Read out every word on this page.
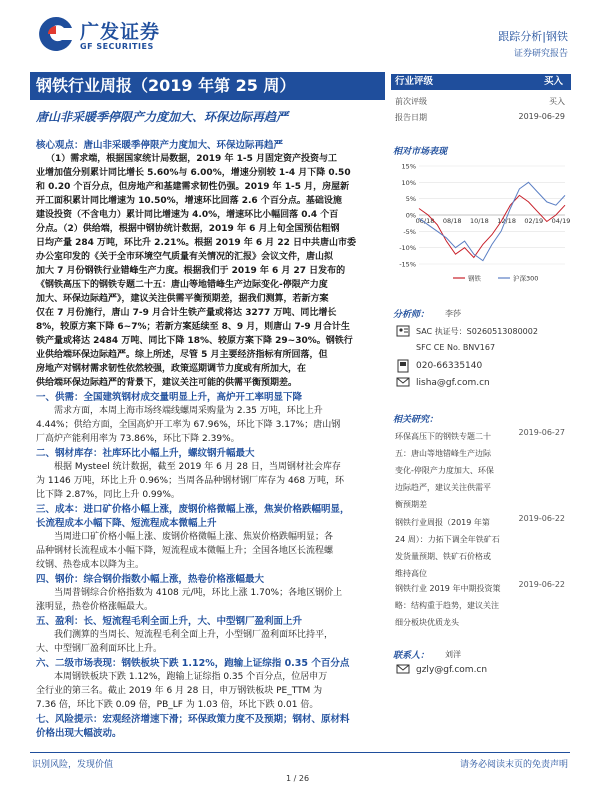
广发证券
GF SECURITIES
跟踪分析|钢铁
证券研究报告
钢铁行业周报（2019 年第 25 周）
唐山非采暖季停限产力度加大、环保边际再趋严
核心观点：唐山非采暖季停限产力度加大、环保边际再趋严
（1）需求端，根据国家统计局数据，2019 年 1-5 月固定资产投资与工
业增加值分别累计同比增长 5.60%与 6.00%，增速分别较 1-4 月下降 0.50
和 0.20 个百分点，但房地产和基建需求韧性仍强。2019 年 1-5 月，房屋新
开工面积累计同比增速为 10.50%，增速环比回落 2.6 个百分点。基础设施
建设投资（不含电力）累计同比增速为 4.0%，增速环比小幅回落 0.4 个百
分点。（2）供给端，根据中钢协统计数据，2019 年 6 月上旬全国预估粗钢
日均产量 284 万吨，环比升 2.21%。根据 2019 年 6 月 22 日中共唐山市委
办公室印发的《关于全市环境空气质量有关情况的汇报》会议文件，唐山拟
加大 7 月份钢铁行业错峰生产力度。根据我们于 2019 年 6 月 27 日发布的
《钢铁高压下的钢铁专题二十五：唐山等地错峰生产边际变化-停限产力度
加大、环保边际趋严》，建议关注供需平衡预期差，据我们测算，若新方案
仅在 7 月份施行，唐山 7-9 月合计生铁产量或将达 3277 万吨、同比增长
8%，较原方案下降 6~7%；若新方案延续至 8、9 月，则唐山 7-9 月合计生
铁产量或将达 2484 万吨、同比下降 18%、较原方案下降 29~30%。钢铁行
业供给端环保边际趋严。综上所述，尽管 5 月主要经济指标有所回落，但
房地产对钢材需求韧性依然较强，政策巡期调节力度或有所加大，在
供给端环保边际趋严的背景下，建议关注可能的供需平衡预期差。
一、供需：全国建筑钢材成交量明显上升，高炉开工率明显下降
需求方面，本周上海市场终端线螺周采购量为 2.35 万吨，环比上升
4.44%；供给方面，全国高炉开工率为 67.96%，环比下降 3.17%；唐山钢
厂高炉产能利用率为 73.86%，环比下降 2.39%。
二、钢材库存：社库环比小幅上升，螺纹钢升幅最大
根据 Mysteel 统计数据，截至 2019 年 6 月 28 日，当周钢材社会库存
为 1146 万吨，环比上升 0.96%；当周各品种钢材钢厂库存为 468 万吨，环
比下降 2.87%，同比上升 0.99%。
三、成本：进口矿价格小幅上涨，废钢价格微幅上涨，焦炭价格跌幅明显，
长流程成本小幅下降、短流程成本微幅上升
当周进口矿价格小幅上涨、废钢价格微幅上涨、焦炭价格跌幅明显；各
品种钢材长流程成本小幅下降，短流程成本微幅上升；全国各地区长流程螺
纹钢、热卷成本以降为主。
四、钢价：综合钢价指数小幅上涨，热卷价格涨幅最大
当周普钢综合价格指数为 4108 元/吨，环比上涨 1.70%；各地区钢价上
涨明显，热卷价格涨幅最大。
五、盈利：长、短流程毛利全面上升，大、中型钢厂盈利面上升
我们测算的当周长、短流程毛利全面上升，小型钢厂盈利面环比持平，
大、中型钢厂盈利面环比上升。
六、二级市场表现：钢铁板块下跌 1.12%，跑输上证综指 0.35 个百分点
本周钢铁板块下跌 1.12%，跑输上证综指 0.35 个百分点，位居申万
全行业的第三名。截止 2019 年 6 月 28 日，申万钢铁板块 PE_TTM 为
7.36 倍，环比下跌 0.09 倍，PB_LF 为 1.03 倍，环比下跌 0.01 倍。
七、风险提示：宏观经济增速下滑；环保政策力度不及预期；钢材、原材料
价格出现大幅波动。
行业评级	买入
前次评级	买入
报告日期	2019-06-29
相对市场表现
15%
10%
5%
0%
-5%
-10%
-15%
06/18 08/18 10/18 12/18 02/19 04/19
钢铁	沪深300
分析师： 李莎
SAC 执证号：S0260513080002
SFC CE No. BNV167
020-66335140
lisha@gf.com.cn
相关研究：
环保高压下的钢铁专题二十
五：唐山等地错峰生产边际
变化-停限产力度加大、环保
边际趋严，建议关注供需平
衡预期差
2019-06-27
钢铁行业周报（2019 年第
24 周）：力拓下调全年铁矿石
发货量预期、铁矿石价格或
维持高位
2019-06-22
钢铁行业 2019 年中期投资策
略：结构重于趋势，建议关注
细分板块优质龙头
2019-06-22
联系人： 刘洋
gzly@gf.com.cn
识别风险，发现价值
1 / 26
请务必阅读末页的免责声明
